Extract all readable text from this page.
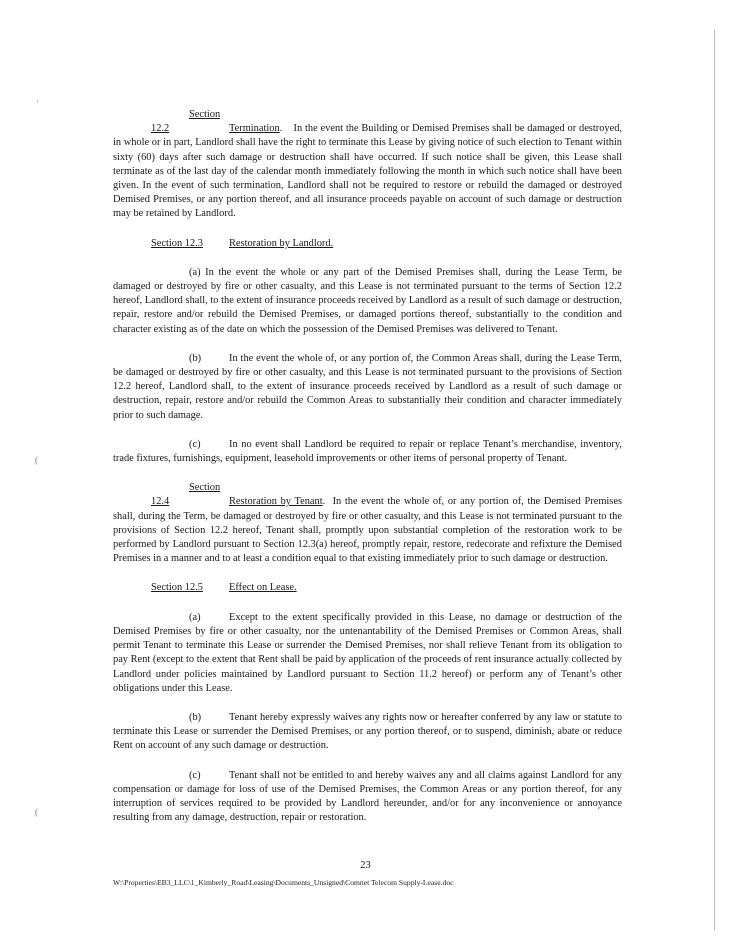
'
(
(

Section 12.2	Termination. In the event the Building or Demised Premises shall be damaged or destroyed, in whole or in part, Landlord shall have the right to terminate this Lease by giving notice of such election to Tenant within sixty (60) days after such damage or destruction shall have occurred. If such notice shall be given, this Lease shall terminate as of the last day of the calendar month immediately following the month in which such notice shall have been given. In the event of such termination, Landlord shall not be required to restore or rebuild the damaged or destroyed Demised Premises, or any portion thereof, and all insurance proceeds payable on account of such damage or destruction may be retained by Landlord.

Section 12.3	Restoration by Landlord.

(a) In the event the whole or any part of the Demised Premises shall, during the Lease Term, be damaged or destroyed by fire or other casualty, and this Lease is not terminated pursuant to the terms of Section 12.2 hereof, Landlord shall, to the extent of insurance proceeds received by Landlord as a result of such damage or destruction, repair, restore and/or rebuild the Demised Premises, or damaged portions thereof, substantially to the condition and character existing as of the date on which the possession of the Demised Premises was delivered to Tenant.

(b)	In the event the whole of, or any portion of, the Common Areas shall, during the Lease Term, be damaged or destroyed by fire or other casualty, and this Lease is not terminated pursuant to the provisions of Section 12.2 hereof, Landlord shall, to the extent of insurance proceeds received by Landlord as a result of such damage or destruction, repair, restore and/or rebuild the Common Areas to substantially their condition and character immediately prior to such damage.

(c)	In no event shall Landlord be required to repair or replace Tenant’s merchandise, inventory, trade fixtures, furnishings, equipment, leasehold improvements or other items of personal property of Tenant.

Section 12.4	Restoration by Tenant. In the event the whole of, or any portion of, the Demised Premises shall, during the Term, be damaged or destroyed by fire or other casualty, and this Lease is not terminated pursuant to the provisions of Section 12.2 hereof, Tenant shall, promptly upon substantial completion of the restoration work to be performed by Landlord pursuant to Section 12.3(a) hereof, promptly repair, restore, redecorate and refixture the Demised Premises in a manner and to at least a condition equal to that existing immediately prior to such damage or destruction.

Section 12.5	Effect on Lease.

(a)	Except to the extent specifically provided in this Lease, no damage or destruction of the Demised Premises by fire or other casualty, nor the untenantability of the Demised Premises or Common Areas, shall permit Tenant to terminate this Lease or surrender the Demised Premises, nor shall relieve Tenant from its obligation to pay Rent (except to the extent that Rent shall be paid by application of the proceeds of rent insurance actually collected by Landlord under policies maintained by Landlord pursuant to Section 11.2 hereof) or perform any of Tenant’s other obligations under this Lease.

(b)	Tenant hereby expressly waives any rights now or hereafter conferred by any law or statute to terminate this Lease or surrender the Demised Premises, or any portion thereof, or to suspend, diminish, abate or reduce Rent on account of any such damage or destruction.

(c)	Tenant shall not be entitled to and hereby waives any and all claims against Landlord for any compensation or damage for loss of use of the Demised Premises, the Common Areas or any portion thereof, for any interruption of services required to be provided by Landlord hereunder, and/or for any inconvenience or annoyance resulting from any damage, destruction, repair or restoration.

23
W:\Properties\EB3_LLC\1_Kimberly_Road\Leasing\Documents_Unsigned\Comnet Telecom Supply-Lease.doc
